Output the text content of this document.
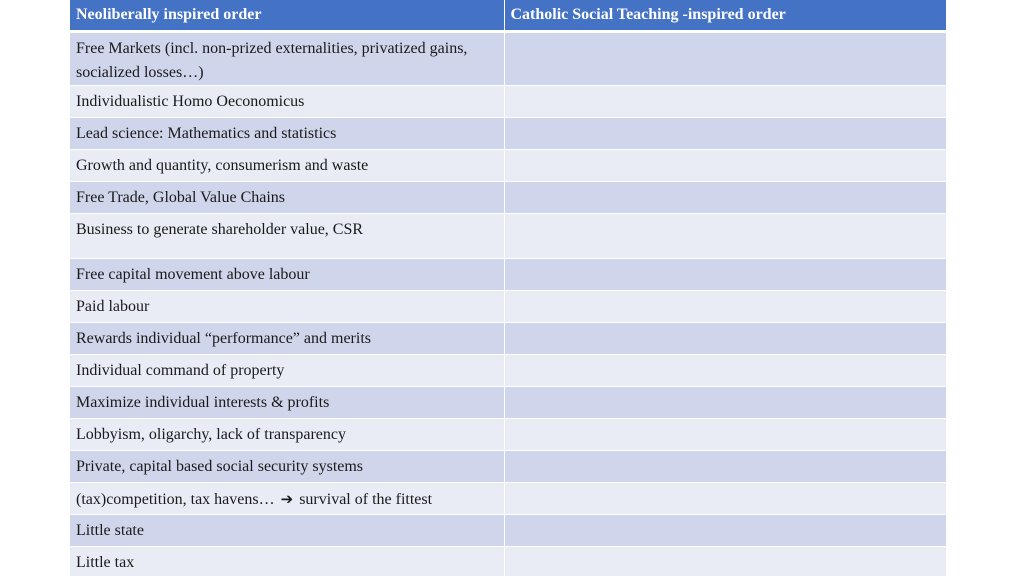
Neoliberally inspired order	Catholic Social Teaching -inspired order
Free Markets (incl. non-prized externalities, privatized gains, socialized losses…)	
Individualistic Homo Oeconomicus	
Lead science: Mathematics and statistics	
Growth and quantity, consumerism and waste	
Free Trade, Global Value Chains	
Business to generate shareholder value, CSR	
Free capital movement above labour	
Paid labour	
Rewards individual “performance” and merits	
Individual command of property	
Maximize individual interests & profits	
Lobbyism, oligarchy, lack of transparency	
Private, capital based social security systems	
(tax)competition, tax havens… ➔ survival of the fittest	
Little state	
Little tax	
